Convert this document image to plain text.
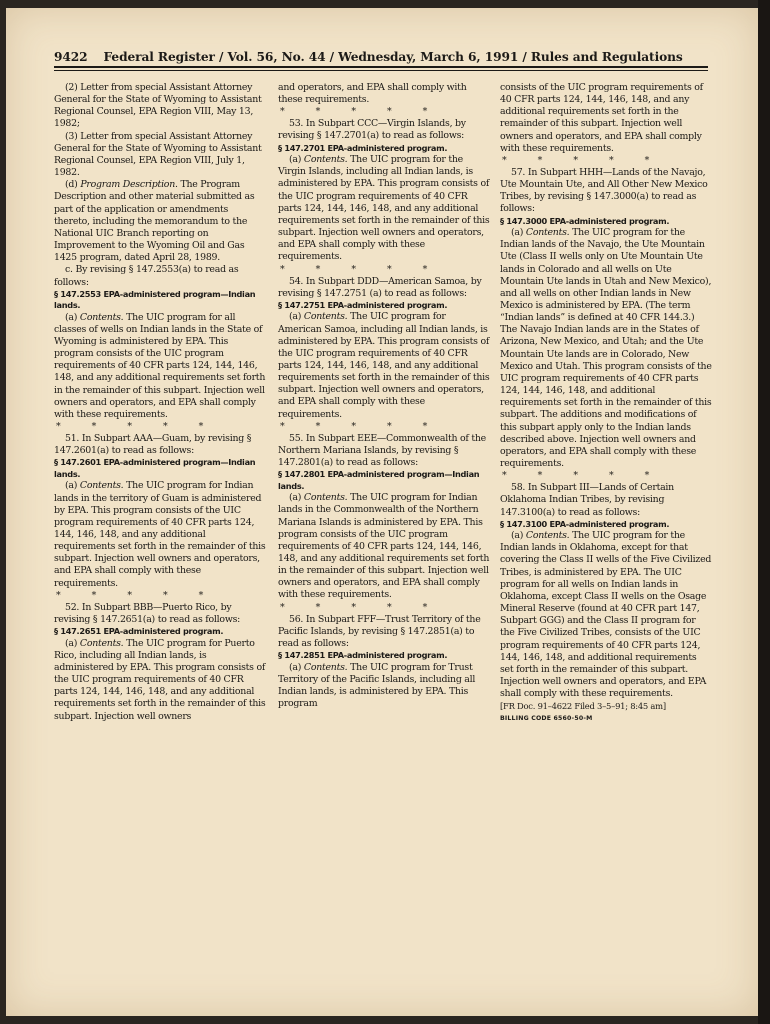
9422 Federal Register / Vol. 56, No. 44 / Wednesday, March 6, 1991 / Rules and Regulations

(2) Letter from special Assistant Attorney General for the State of Wyoming to Assistant Regional Counsel, EPA Region VIII, May 13, 1982;

(3) Letter from special Assistant Attorney General for the State of Wyoming to Assistant Regional Counsel, EPA Region VIII, July 1, 1982.

(d) Program Description. The Program Description and other material submitted as part of the application or amendments thereto, including the memorandum to the National UIC Branch reporting on Improvement to the Wyoming Oil and Gas 1425 program, dated April 28, 1989.

c. By revising § 147.2553(a) to read as follows:

§ 147.2553 EPA-administered program—Indian lands.

(a) Contents. The UIC program for all classes of wells on Indian lands in the State of Wyoming is administered by EPA. This program consists of the UIC program requirements of 40 CFR parts 124, 144, 146, 148, and any additional requirements set forth in the remainder of this subpart. Injection well owners and operators, and EPA shall comply with these requirements.

* * * * *

51. In Subpart AAA—Guam, by revising § 147.2601(a) to read as follows:

§ 147.2601 EPA-administered program—Indian lands.

(a) Contents. The UIC program for Indian lands in the territory of Guam is administered by EPA. This program consists of the UIC program requirements of 40 CFR parts 124, 144, 146, 148, and any additional requirements set forth in the remainder of this subpart. Injection well owners and operators, and EPA shall comply with these requirements.

* * * * *

52. In Subpart BBB—Puerto Rico, by revising § 147.2651(a) to read as follows:

§ 147.2651 EPA-administered program.

(a) Contents. The UIC program for Puerto Rico, including all Indian lands, is administered by EPA. This program consists of the UIC program requirements of 40 CFR parts 124, 144, 146, 148, and any additional requirements set forth in the remainder of this subpart. Injection well owners

and operators, and EPA shall comply with these requirements.

* * * * *

53. In Subpart CCC—Virgin Islands, by revising § 147.2701(a) to read as follows:

§ 147.2701 EPA-administered program.

(a) Contents. The UIC program for the Virgin Islands, including all Indian lands, is administered by EPA. This program consists of the UIC program requirements of 40 CFR parts 124, 144, 146, 148, and any additional requirements set forth in the remainder of this subpart. Injection well owners and operators, and EPA shall comply with these requirements.

* * * * *

54. In Subpart DDD—American Samoa, by revising § 147.2751 (a) to read as follows:

§ 147.2751 EPA-administered program.

(a) Contents. The UIC program for American Samoa, including all Indian lands, is administered by EPA. This program consists of the UIC program requirements of 40 CFR parts 124, 144, 146, 148, and any additional requirements set forth in the remainder of this subpart. Injection well owners and operators, and EPA shall comply with these requirements.

* * * * *

55. In Subpart EEE—Commonwealth of the Northern Mariana Islands, by revising § 147.2801(a) to read as follows:

§ 147.2801 EPA-administered program—Indian lands.

(a) Contents. The UIC program for Indian lands in the Commonwealth of the Northern Mariana Islands is administered by EPA. This program consists of the UIC program requirements of 40 CFR parts 124, 144, 146, 148, and any additional requirements set forth in the remainder of this subpart. Injection well owners and operators, and EPA shall comply with these requirements.

* * * * *

56. In Subpart FFF—Trust Territory of the Pacific Islands, by revising § 147.2851(a) to read as follows:

§ 147.2851 EPA-administered program.

(a) Contents. The UIC program for Trust Territory of the Pacific Islands, including all Indian lands, is administered by EPA. This program

consists of the UIC program requirements of 40 CFR parts 124, 144, 146, 148, and any additional requirements set forth in the remainder of this subpart. Injection well owners and operators, and EPA shall comply with these requirements.

* * * * *

57. In Subpart HHH—Lands of the Navajo, Ute Mountain Ute, and All Other New Mexico Tribes, by revising § 147.3000(a) to read as follows:

§ 147.3000 EPA-administered program.

(a) Contents. The UIC program for the Indian lands of the Navajo, the Ute Mountain Ute (Class II wells only on Ute Mountain Ute lands in Colorado and all wells on Ute Mountain Ute lands in Utah and New Mexico), and all wells on other Indian lands in New Mexico is administered by EPA. (The term “Indian lands” is defined at 40 CFR 144.3.) The Navajo Indian lands are in the States of Arizona, New Mexico, and Utah; and the Ute Mountain Ute lands are in Colorado, New Mexico and Utah. This program consists of the UIC program requirements of 40 CFR parts 124, 144, 146, 148, and additional requirements set forth in the remainder of this subpart. The additions and modifications of this subpart apply only to the Indian lands described above. Injection well owners and operators, and EPA shall comply with these requirements.

* * * * *

58. In Subpart III—Lands of Certain Oklahoma Indian Tribes, by revising 147.3100(a) to read as follows:

§ 147.3100 EPA-administered program.

(a) Contents. The UIC program for the Indian lands in Oklahoma, except for that covering the Class II wells of the Five Civilized Tribes, is administered by EPA. The UIC program for all wells on Indian lands in Oklahoma, except Class II wells on the Osage Mineral Reserve (found at 40 CFR part 147, Subpart GGG) and the Class II program for the Five Civilized Tribes, consists of the UIC program requirements of 40 CFR parts 124, 144, 146, 148, and additional requirements set forth in the remainder of this subpart. Injection well owners and operators, and EPA shall comply with these requirements.

[FR Doc. 91–4622 Filed 3–5–91; 8:45 am]

BILLING CODE 6560-50-M
